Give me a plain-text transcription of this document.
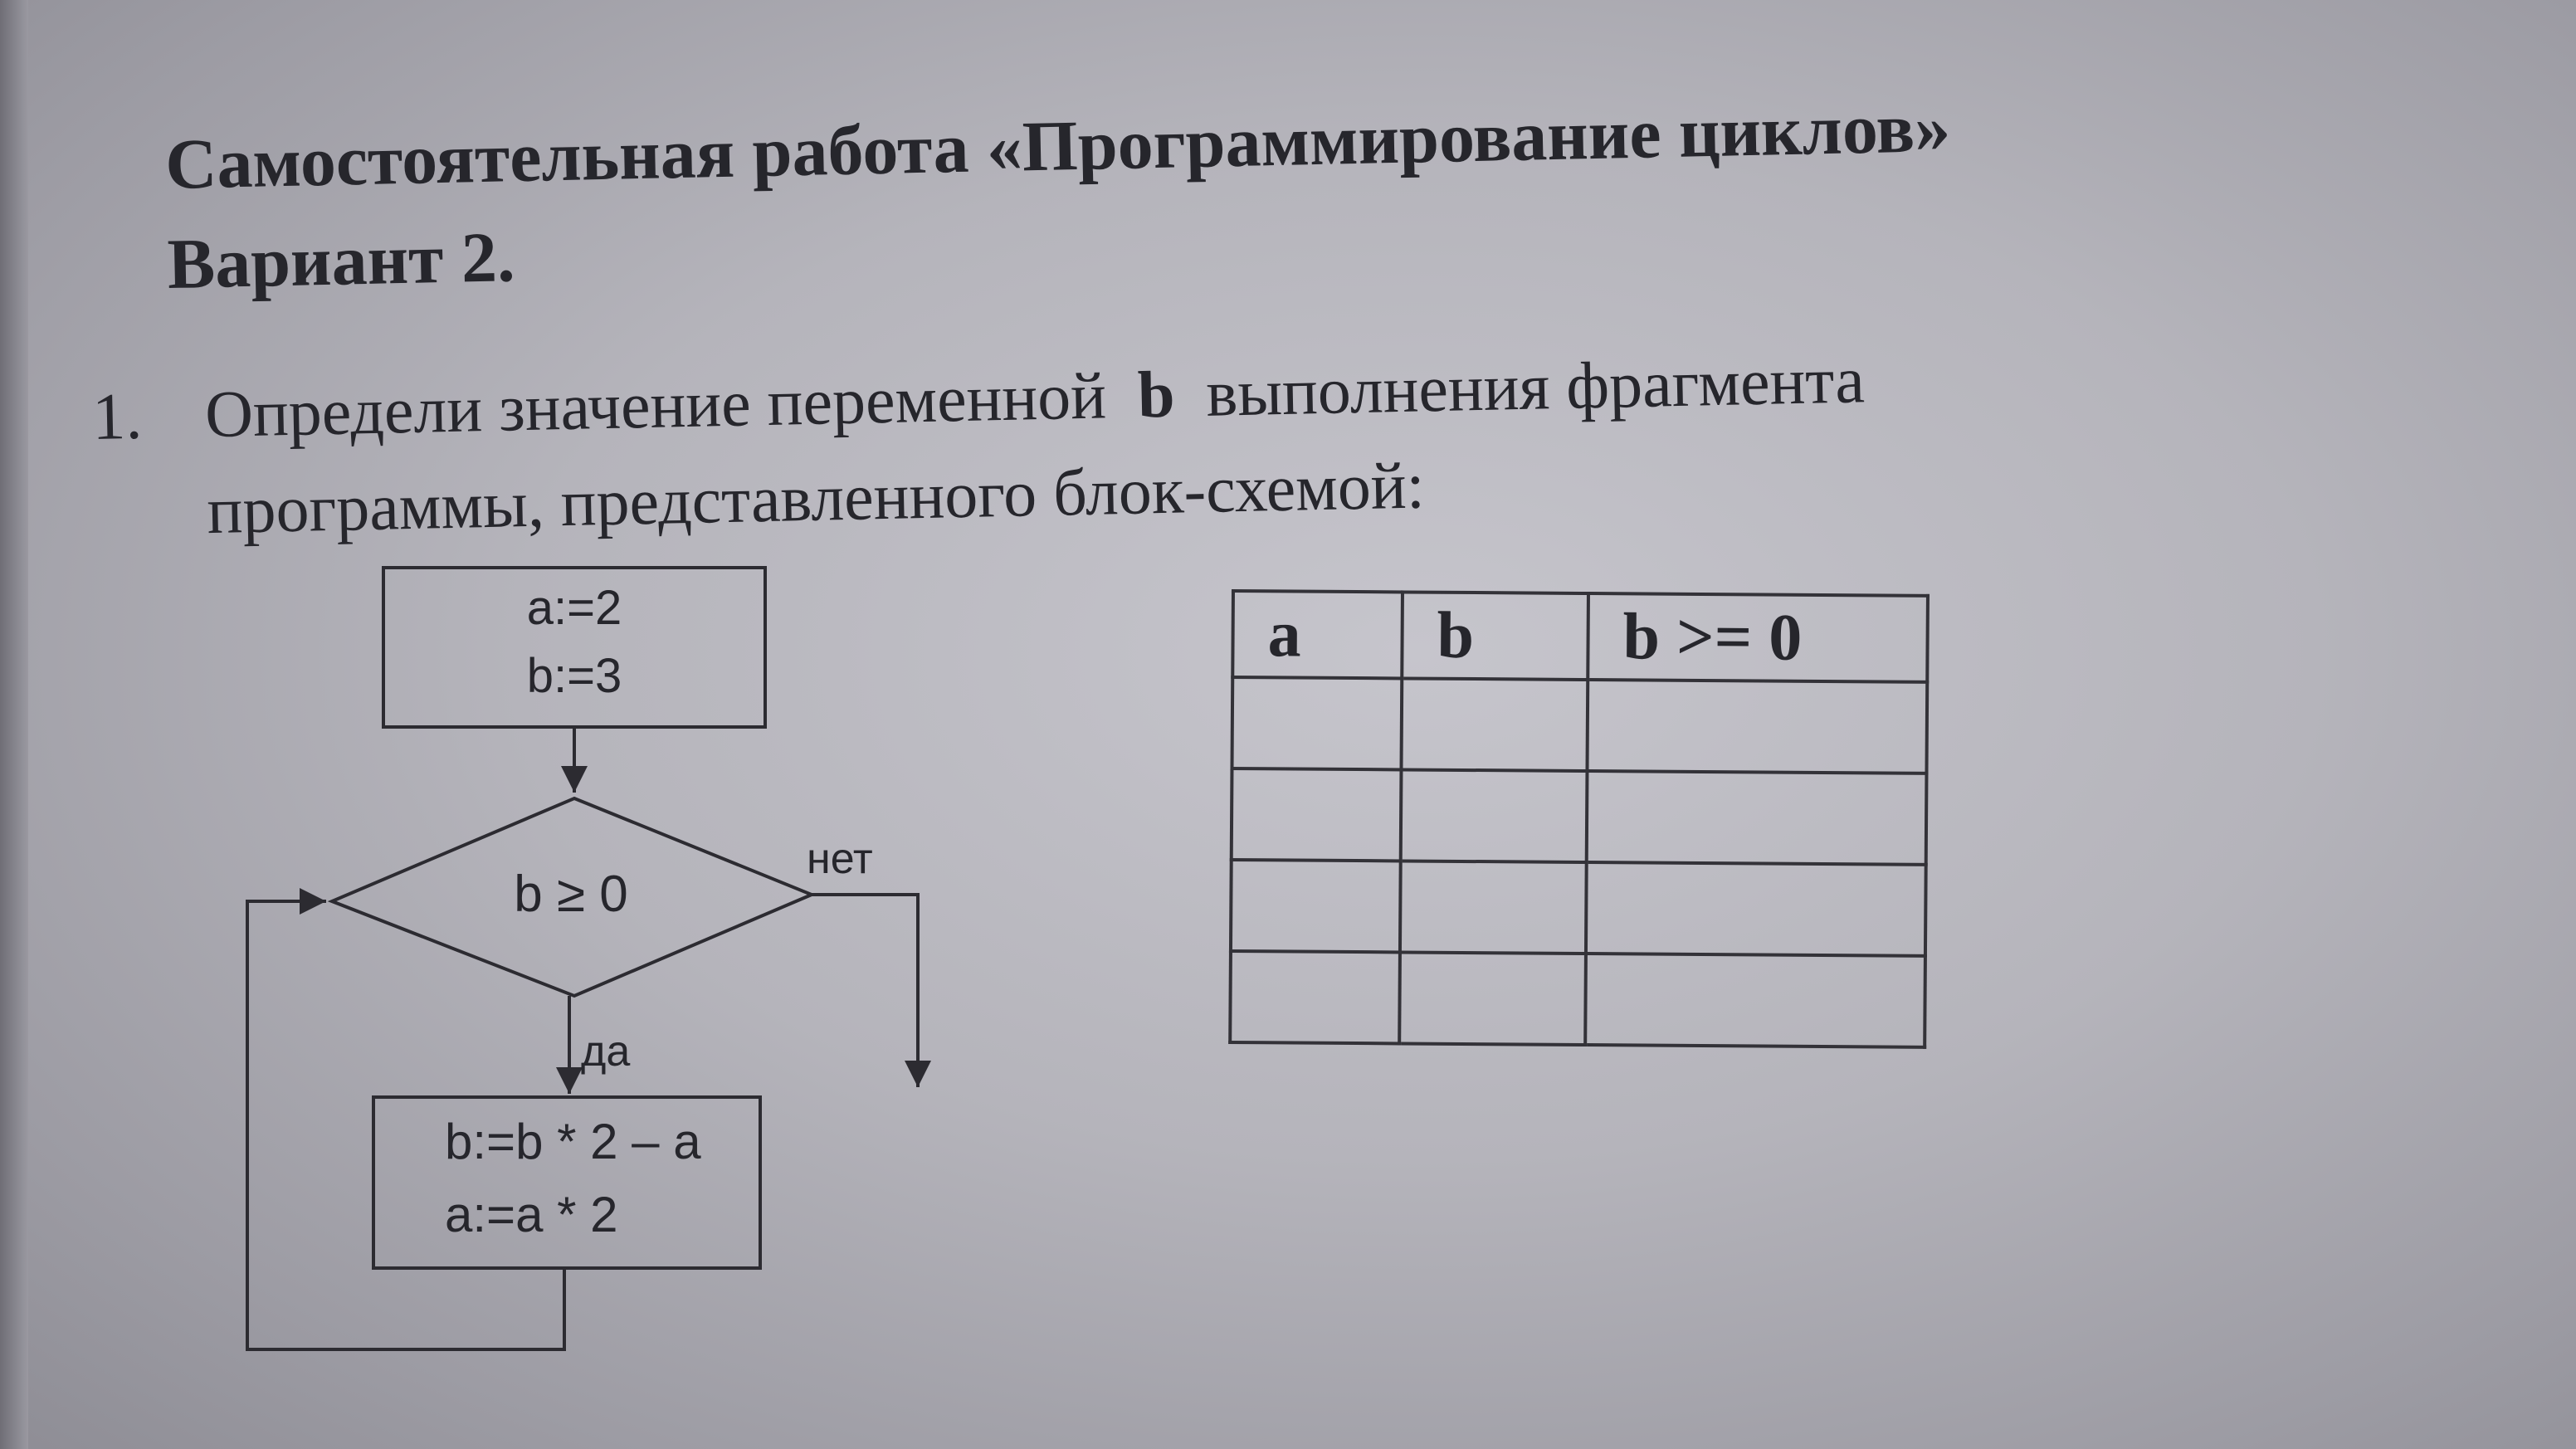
Самостоятельная работа «Программирование циклов»
Вариант 2.
1. Определи значение переменной b выполнения фрагмента
программы, представленного блок-схемой:
a:=2
b:=3
b ≥ 0
нет
да
b:=b * 2 – a
a:=a * 2
a	b	b >= 0
